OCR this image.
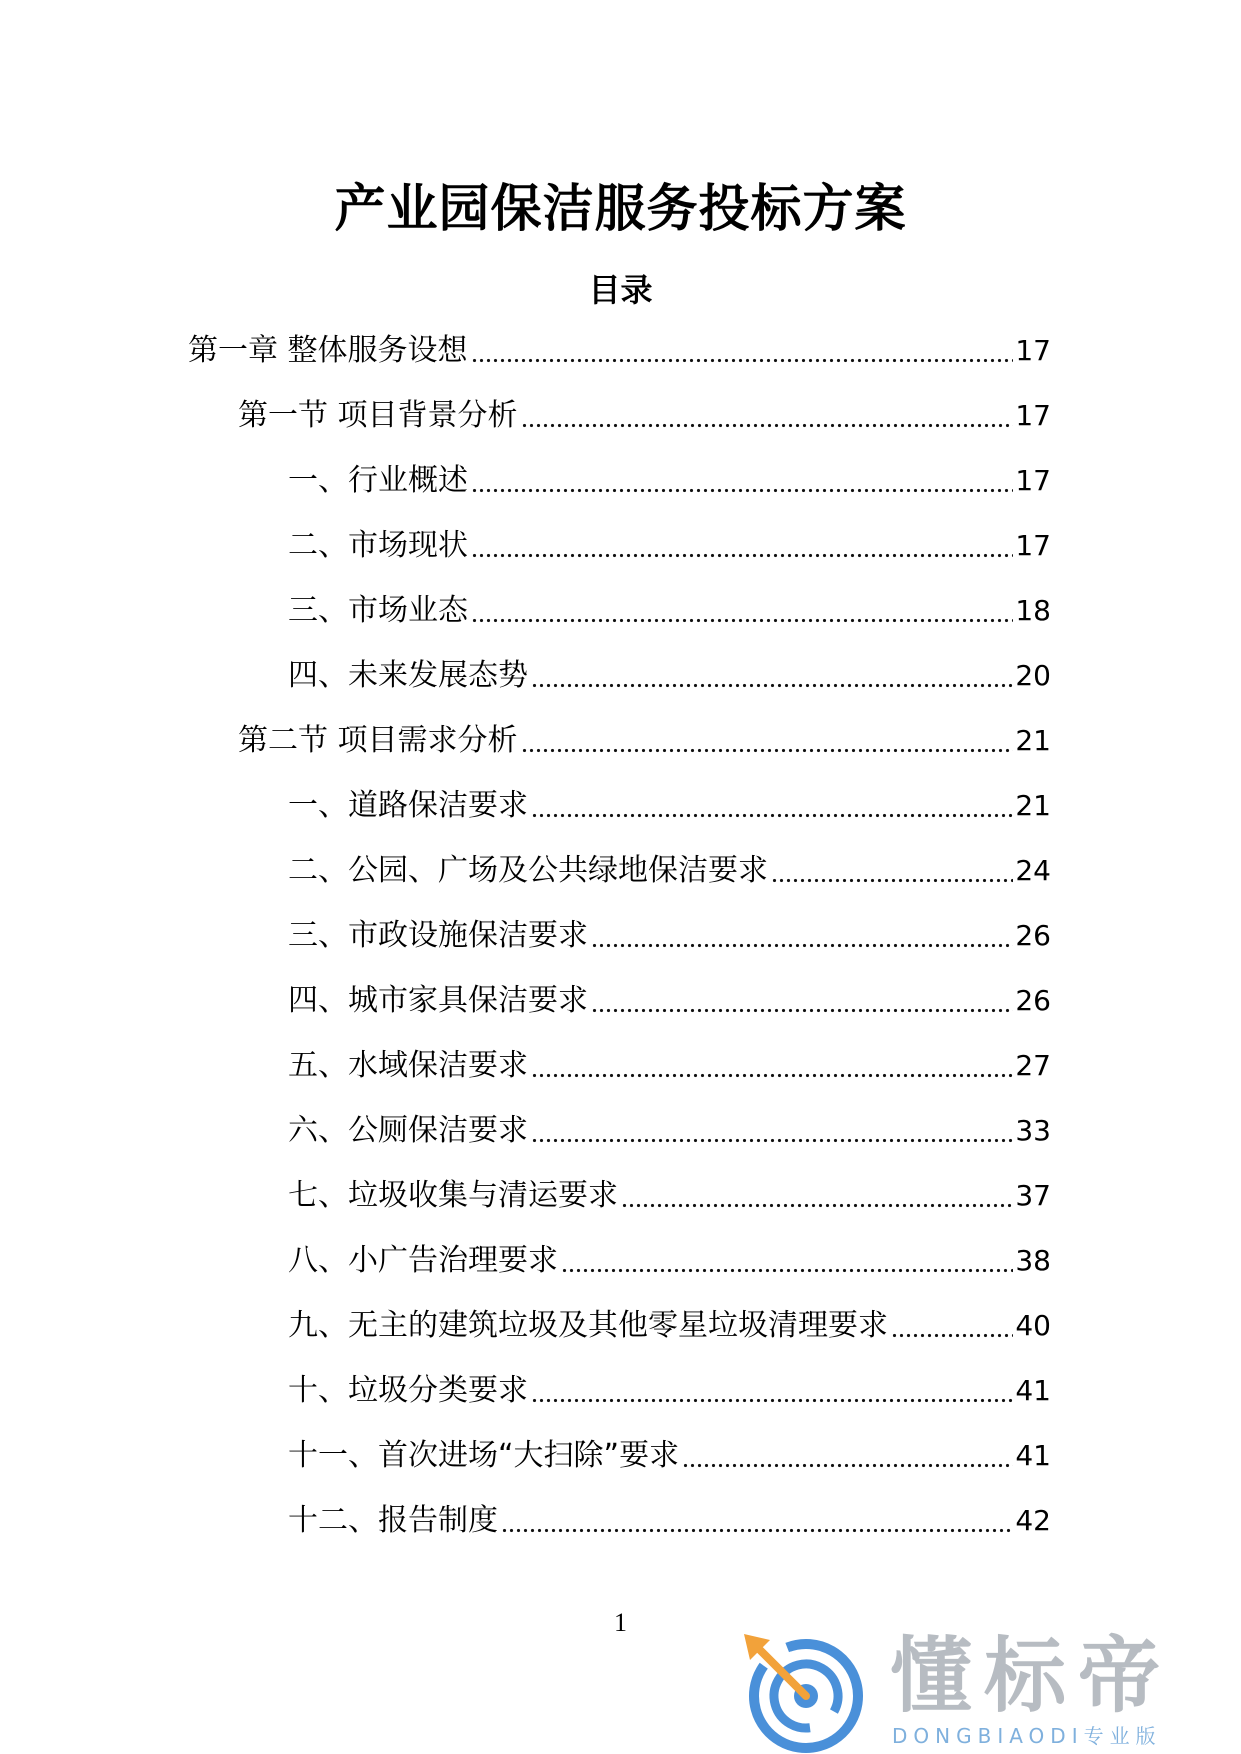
产业园保洁服务投标方案
目录
第一章 整体服务设想	17
第一节 项目背景分析	17
一、行业概述	17
二、市场现状	17
三、市场业态	18
四、未来发展态势	20
第二节 项目需求分析	21
一、道路保洁要求	21
二、公园、广场及公共绿地保洁要求	24
三、市政设施保洁要求	26
四、城市家具保洁要求	26
五、水域保洁要求	27
六、公厕保洁要求	33
七、垃圾收集与清运要求	37
八、小广告治理要求	38
九、无主的建筑垃圾及其他零星垃圾清理要求	40
十、垃圾分类要求	41
十一、首次进场“大扫除”要求	41
十二、报告制度	42
1
懂标帝
DONGBIAODI专业版
